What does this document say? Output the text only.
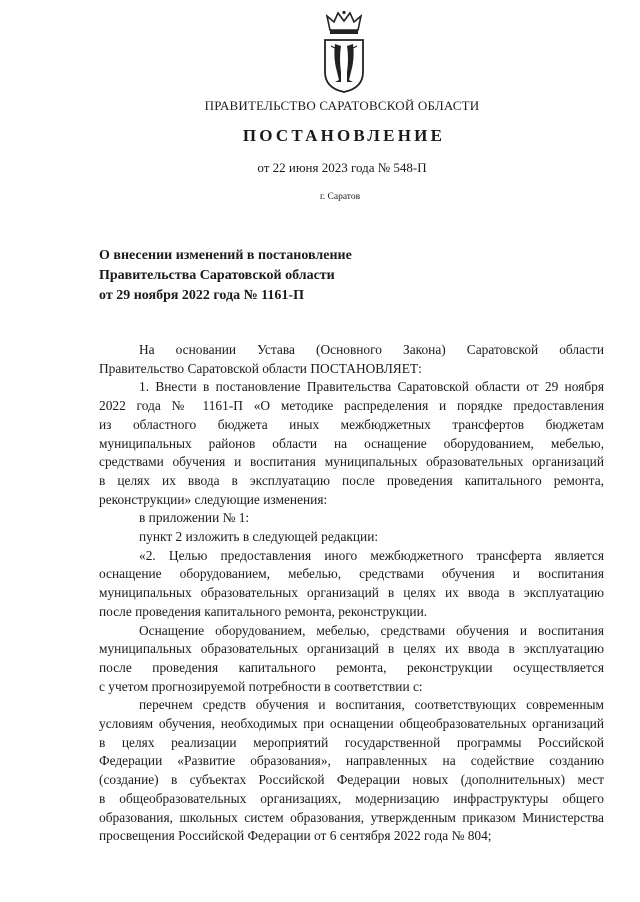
ПРАВИТЕЛЬСТВО САРАТОВСКОЙ ОБЛАСТИ
ПОСТАНОВЛЕНИЕ
от 22 июня 2023 года № 548-П
г. Саратов
О внесении изменений в постановление
Правительства Саратовской области
от 29 ноября 2022 года № 1161-П

На основании Устава (Основного Закона) Саратовской области

Правительство Саратовской области ПОСТАНОВЛЯЕТ:

1. Внести в постановление Правительства Саратовской области от 29 ноября

2022 года № 1161-П «О методике распределения и порядке предоставления

из областного бюджета иных межбюджетных трансфертов бюджетам

муниципальных районов области на оснащение оборудованием, мебелью,

средствами обучения и воспитания муниципальных образовательных организаций

в целях их ввода в эксплуатацию после проведения капитального ремонта,

реконструкции» следующие изменения:

в приложении № 1:

пункт 2 изложить в следующей редакции:

«2. Целью предоставления иного межбюджетного трансферта является

оснащение оборудованием, мебелью, средствами обучения и воспитания

муниципальных образовательных организаций в целях их ввода в эксплуатацию

после проведения капитального ремонта, реконструкции.

Оснащение оборудованием, мебелью, средствами обучения и воспитания

муниципальных образовательных организаций в целях их ввода в эксплуатацию

после проведения капитального ремонта, реконструкции осуществляется

с учетом прогнозируемой потребности в соответствии с:

перечнем средств обучения и воспитания, соответствующих современным

условиям обучения, необходимых при оснащении общеобразовательных организаций

в целях реализации мероприятий государственной программы Российской

Федерации «Развитие образования», направленных на содействие созданию

(создание) в субъектах Российской Федерации новых (дополнительных) мест

в общеобразовательных организациях, модернизацию инфраструктуры общего

образования, школьных систем образования, утвержденным приказом Министерства

просвещения Российской Федерации от 6 сентября 2022 года № 804;
